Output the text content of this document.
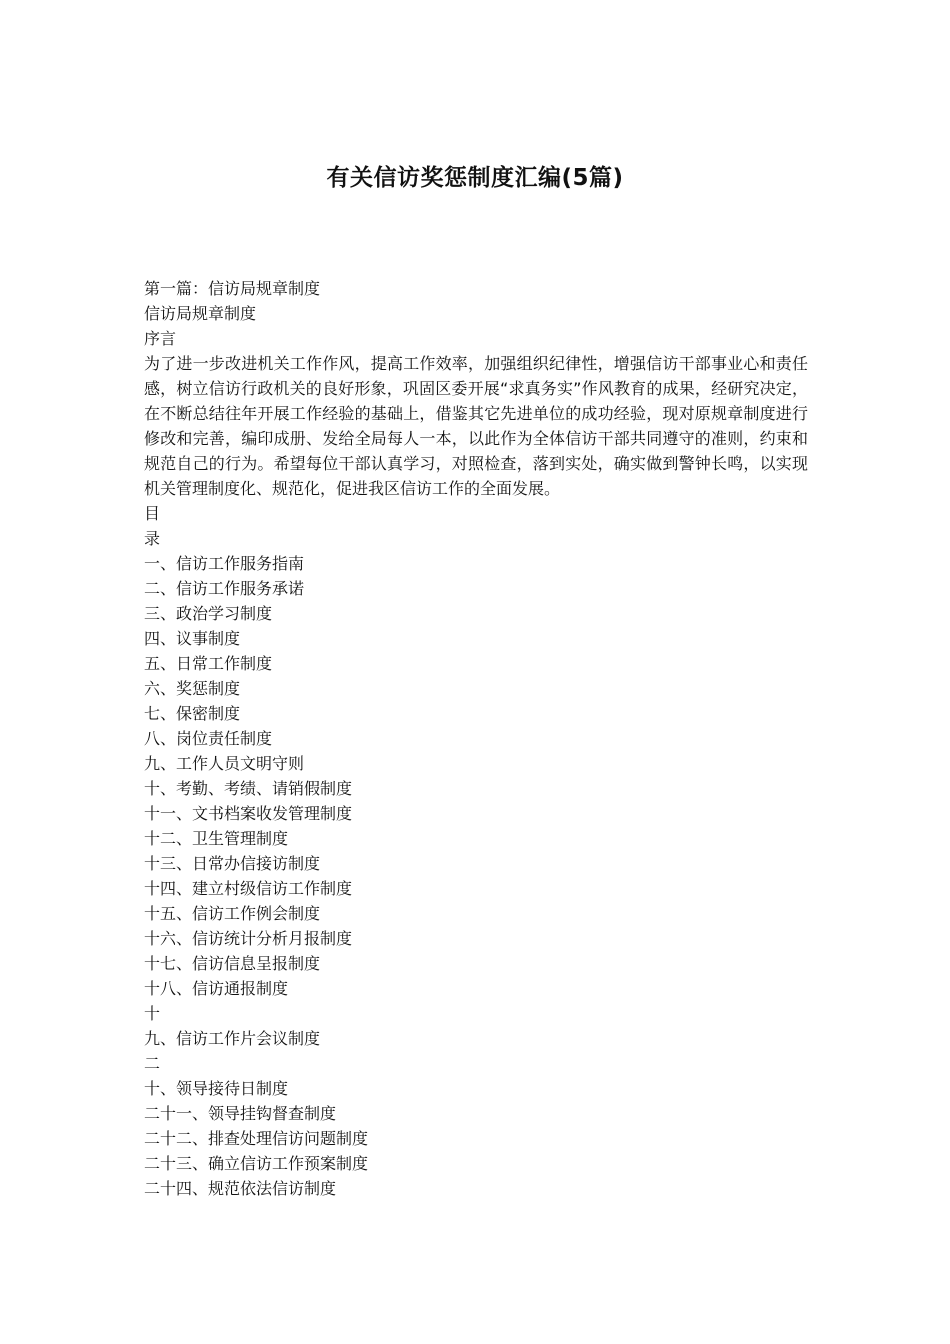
有关信访奖惩制度汇编(5篇)
第一篇：信访局规章制度
信访局规章制度
序言

为了进一步改进机关工作作风，提高工作效率，加强组织纪律性，增强信访干部事业心和责任感，树立信访行政机关的良好形象，巩固区委开展“求真务实”作风教育的成果，经研究决定，在不断总结往年开展工作经验的基础上，借鉴其它先进单位的成功经验，现对原规章制度进行修改和完善，编印成册、发给全局每人一本，以此作为全体信访干部共同遵守的准则，约束和规范自己的行为。希望每位干部认真学习，对照检查，落到实处，确实做到警钟长鸣，以实现机关管理制度化、规范化，促进我区信访工作的全面发展。

目
录
一、信访工作服务指南
二、信访工作服务承诺
三、政治学习制度
四、议事制度
五、日常工作制度
六、奖惩制度
七、保密制度
八、岗位责任制度
九、工作人员文明守则
十、考勤、考绩、请销假制度
十一、文书档案收发管理制度
十二、卫生管理制度
十三、日常办信接访制度
十四、建立村级信访工作制度
十五、信访工作例会制度
十六、信访统计分析月报制度
十七、信访信息呈报制度
十八、信访通报制度
十
九、信访工作片会议制度
二
十、领导接待日制度
二十一、领导挂钩督查制度
二十二、排查处理信访问题制度
二十三、确立信访工作预案制度
二十四、规范依法信访制度
